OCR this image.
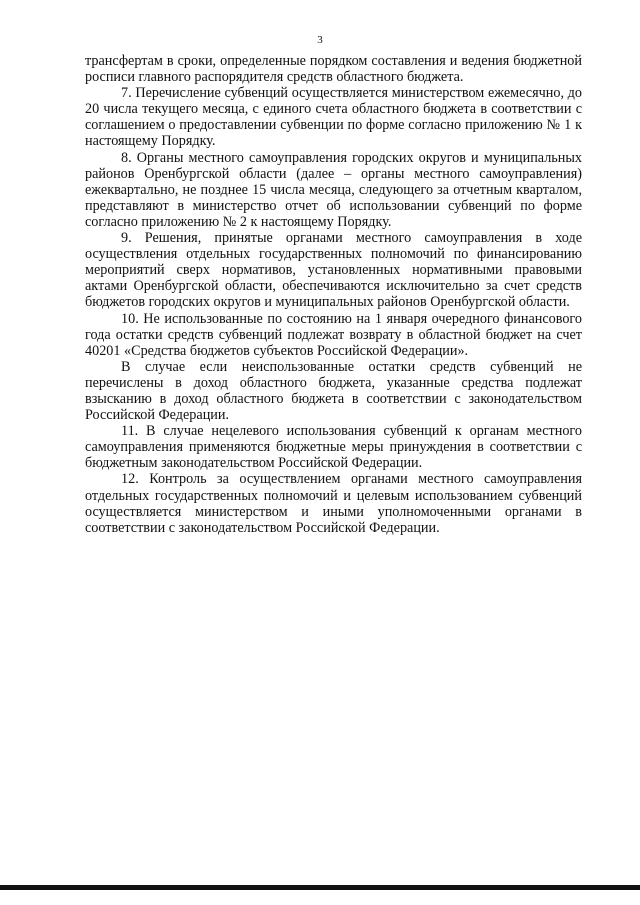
3

трансфертам в сроки, определенные порядком составления и ведения бюджетной росписи главного распорядителя средств областного бюджета.

7. Перечисление субвенций осуществляется министерством ежемесячно, до 20 числа текущего месяца, с единого счета областного бюджета в соответствии с соглашением о предоставлении субвенции по форме согласно приложению № 1 к настоящему Порядку.

8. Органы местного самоуправления городских округов и муниципальных районов Оренбургской области (далее – органы местного самоуправления) ежеквартально, не позднее 15 числа месяца, следующего за отчетным кварталом, представляют в министерство отчет об использовании субвенций по форме согласно приложению № 2 к настоящему Порядку.

9. Решения, принятые органами местного самоуправления в ходе осуществления отдельных государственных полномочий по финансированию мероприятий сверх нормативов, установленных нормативными правовыми актами Оренбургской области, обеспечиваются исключительно за счет средств бюджетов городских округов и муниципальных районов Оренбургской области.

10. Не использованные по состоянию на 1 января очередного финансового года остатки средств субвенций подлежат возврату в областной бюджет на счет 40201 «Средства бюджетов субъектов Российской Федерации».

В случае если неиспользованные остатки средств субвенций не перечислены в доход областного бюджета, указанные средства подлежат взысканию в доход областного бюджета в соответствии с законодательством Российской Федерации.

11. В случае нецелевого использования субвенций к органам местного самоуправления применяются бюджетные меры принуждения в соответствии с бюджетным законодательством Российской Федерации.

12. Контроль за осуществлением органами местного самоуправления отдельных государственных полномочий и целевым использованием субвенций осуществляется министерством и иными уполномоченными органами в соответствии с законодательством Российской Федерации.
